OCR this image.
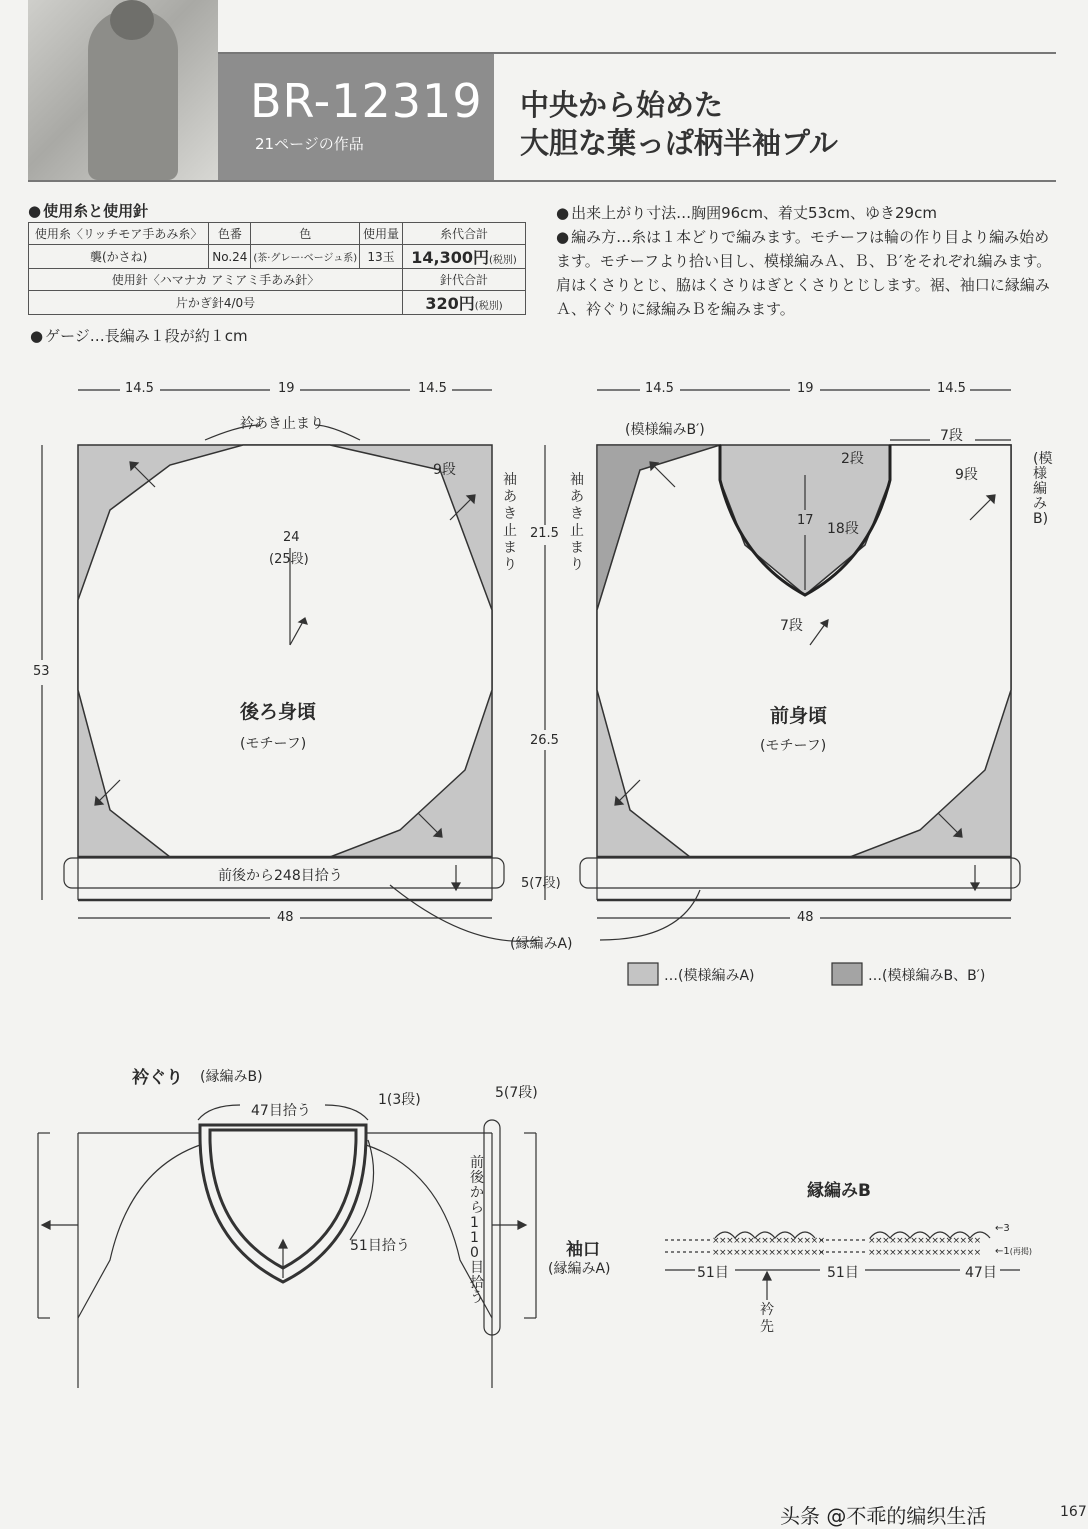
BR-12319
21ページの作品
中央から始めた
大胆な葉っぱ柄半袖プル
● 使用糸と使用針
使用糸〈リッチモア手あみ糸〉	色番	色	使用量	糸代合計
襲(かさね)	No.24	(茶·グレー·ベージュ系)	13玉	14,300円(税別)
使用針〈ハマナカ アミアミ手あみ針〉				針代合計
片かぎ針4/0号				320円(税別)
● ゲージ…長編み１段が約１cm
● 出来上がり寸法…胸囲96cm、着丈53cm、ゆき29cm
● 編み方…糸は１本どりで編みます。モチーフは輪の作り目より編み始めます。モチーフより拾い目し、模様編みＡ、Ｂ、Ｂ′をそれぞれ編みます。肩はくさりとじ、脇はくさりはぎとくさりとじします。裾、袖口に縁編みＡ、衿ぐりに縁編みＢを編みます。
14.5	19	14.5
衿あき止まり
9段
袖あき止まり
24
(25段)
53
後ろ身頃
(モチーフ)
前後から248目拾う
48
21.5
袖あき止まり
26.5
5(7段)
(縁編みA)
14.5	19	14.5
(模様編みB′)	7段
2段
9段
(模様編みB)
17
18段
7段
前身頃
(モチーフ)
48
…(模様編みA)	…(模様編みB、B′)
衿ぐり (縁編みB)
47目拾う
1(3段)
51目拾う
5(7段)
前後から110目拾う
袖口
(縁編みA)
縁編みB
××××××××××××××××	××××××××××××××××
××××××××××××××××	××××××××××××××××
←3
←1(再掲)
51目	51目	47目
衿先
头条 @不乖的编织生活	167
